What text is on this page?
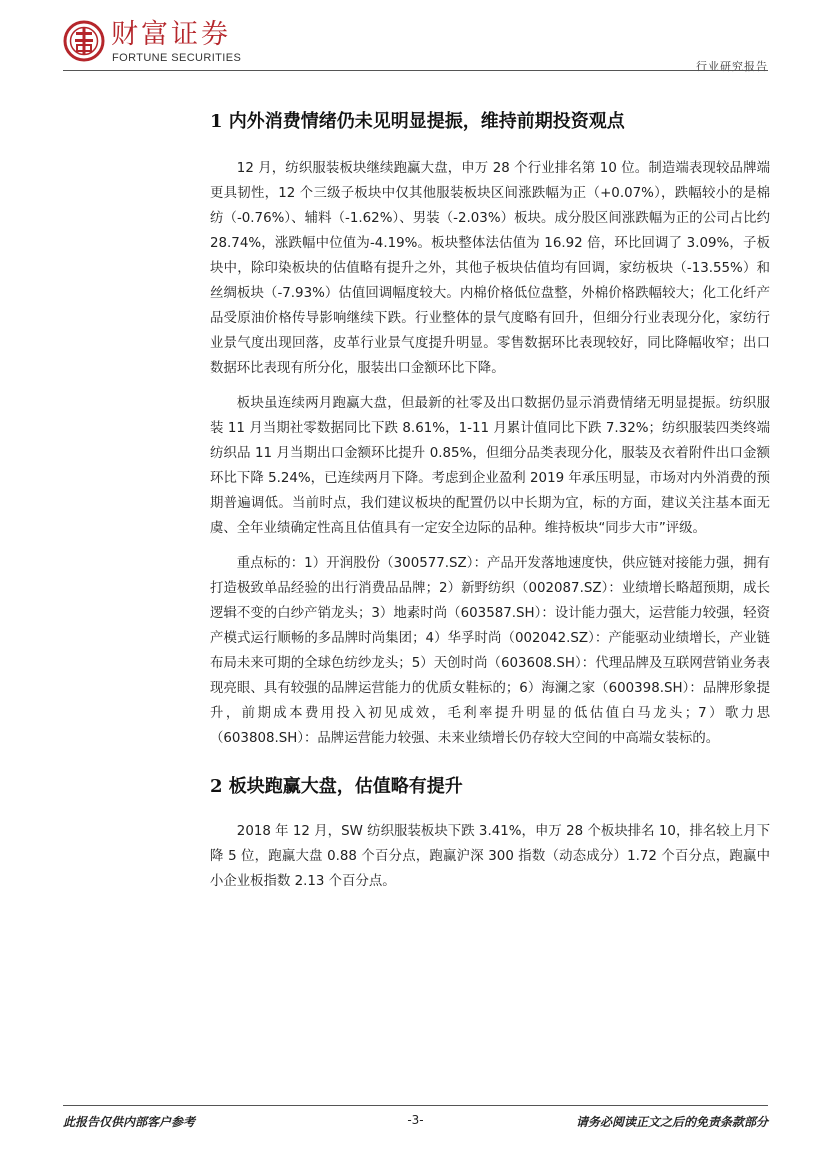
财富证券
FORTUNE SECURITIES
行业研究报告
1 内外消费情绪仍未见明显提振，维持前期投资观点

12 月，纺织服装板块继续跑赢大盘，申万 28 个行业排名第 10 位。制造端表现较品牌端更具韧性，12 个三级子板块中仅其他服装板块区间涨跌幅为正（+0.07%），跌幅较小的是棉纺（-0.76%）、辅料（-1.62%）、男装（-2.03%）板块。成分股区间涨跌幅为正的公司占比约 28.74%，涨跌幅中位值为-4.19%。板块整体法估值为 16.92 倍，环比回调了 3.09%，子板块中，除印染板块的估值略有提升之外，其他子板块估值均有回调，家纺板块（-13.55%）和丝绸板块（-7.93%）估值回调幅度较大。内棉价格低位盘整，外棉价格跌幅较大；化工化纤产品受原油价格传导影响继续下跌。行业整体的景气度略有回升，但细分行业表现分化，家纺行业景气度出现回落，皮革行业景气度提升明显。零售数据环比表现较好，同比降幅收窄；出口数据环比表现有所分化，服装出口金额环比下降。

板块虽连续两月跑赢大盘，但最新的社零及出口数据仍显示消费情绪无明显提振。纺织服装 11 月当期社零数据同比下跌 8.61%，1-11 月累计值同比下跌 7.32%；纺织服装四类终端纺织品 11 月当期出口金额环比提升 0.85%，但细分品类表现分化，服装及衣着附件出口金额环比下降 5.24%，已连续两月下降。考虑到企业盈利 2019 年承压明显，市场对内外消费的预期普遍调低。当前时点，我们建议板块的配置仍以中长期为宜，标的方面，建议关注基本面无虞、全年业绩确定性高且估值具有一定安全边际的品种。维持板块“同步大市”评级。

重点标的：1）开润股份（300577.SZ）：产品开发落地速度快，供应链对接能力强，拥有打造极致单品经验的出行消费品品牌；2）新野纺织（002087.SZ）：业绩增长略超预期，成长逻辑不变的白纱产销龙头；3）地素时尚（603587.SH）：设计能力强大，运营能力较强，轻资产模式运行顺畅的多品牌时尚集团；4）华孚时尚（002042.SZ）：产能驱动业绩增长，产业链布局未来可期的全球色纺纱龙头；5）天创时尚（603608.SH）：代理品牌及互联网营销业务表现亮眼、具有较强的品牌运营能力的优质女鞋标的；6）海澜之家（600398.SH）：品牌形象提升，前期成本费用投入初见成效，毛利率提升明显的低估值白马龙头；7）歌力思（603808.SH）：品牌运营能力较强、未来业绩增长仍存较大空间的中高端女装标的。

2 板块跑赢大盘，估值略有提升

2018 年 12 月，SW 纺织服装板块下跌 3.41%，申万 28 个板块排名 10，排名较上月下降 5 位，跑赢大盘 0.88 个百分点，跑赢沪深 300 指数（动态成分）1.72 个百分点，跑赢中小企业板指数 2.13 个百分点。

此报告仅供内部客户参考	-3-	请务必阅读正文之后的免责条款部分
